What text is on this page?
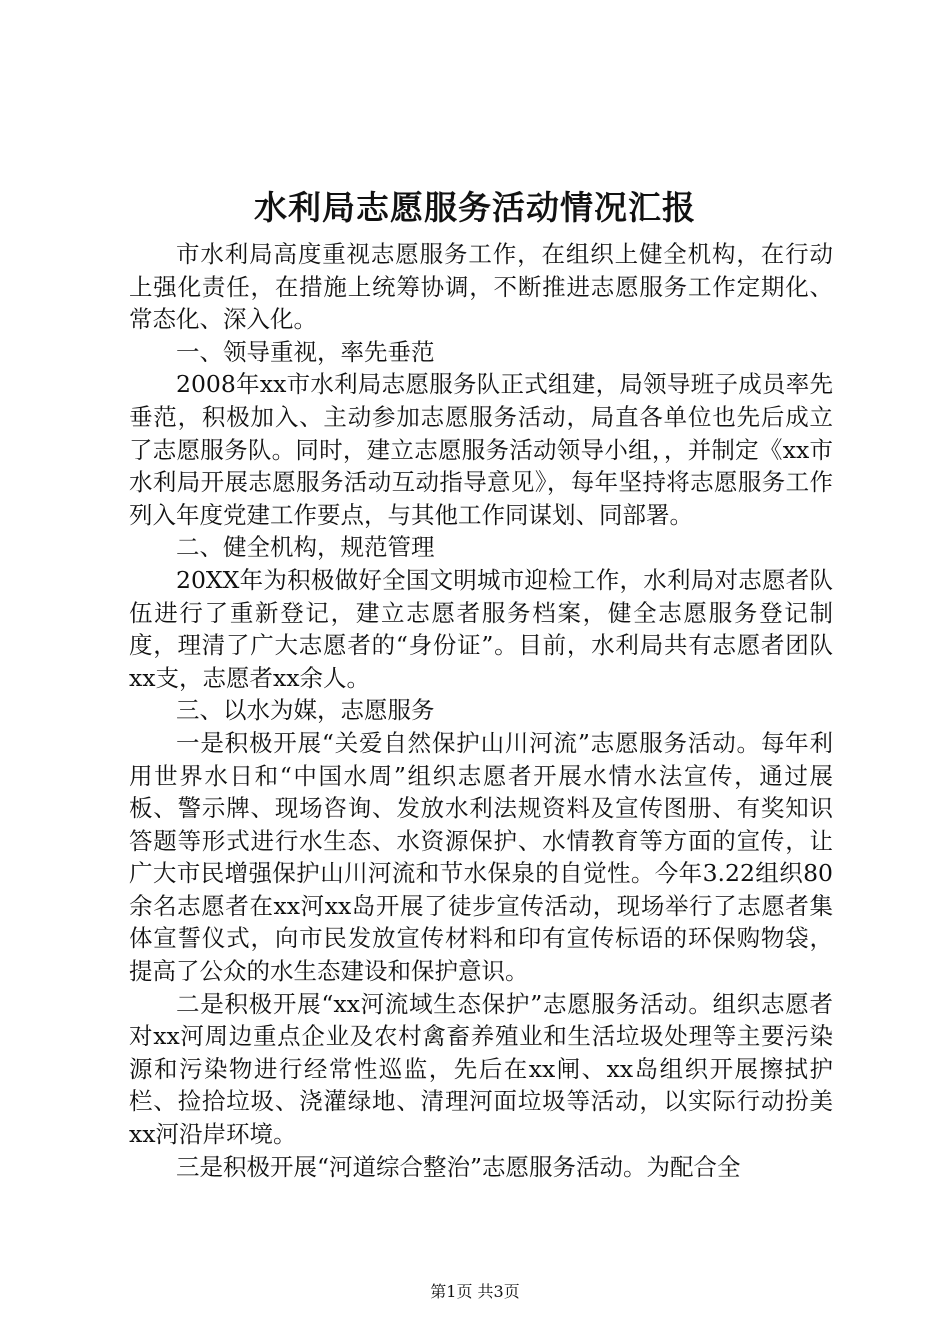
水利局志愿服务活动情况汇报

市水利局高度重视志愿服务工作，在组织上健全机构，在行动上强化责任，在措施上统筹协调，不断推进志愿服务工作定期化、常态化、深入化。

一、领导重视，率先垂范

2008年xx市水利局志愿服务队正式组建，局领导班子成员率先垂范，积极加入、主动参加志愿服务活动，局直各单位也先后成立了志愿服务队。同时，建立志愿服务活动领导小组，，并制定《xx市水利局开展志愿服务活动互动指导意见》，每年坚持将志愿服务工作列入年度党建工作要点，与其他工作同谋划、同部署。

二、健全机构，规范管理

20XX年为积极做好全国文明城市迎检工作，水利局对志愿者队伍进行了重新登记，建立志愿者服务档案，健全志愿服务登记制度，理清了广大志愿者的“身份证”。目前，水利局共有志愿者团队xx支，志愿者xx余人。

三、以水为媒，志愿服务

一是积极开展“关爱自然保护山川河流”志愿服务活动。每年利用世界水日和“中国水周”组织志愿者开展水情水法宣传，通过展板、警示牌、现场咨询、发放水利法规资料及宣传图册、有奖知识答题等形式进行水生态、水资源保护、水情教育等方面的宣传，让广大市民增强保护山川河流和节水保泉的自觉性。今年3.22组织80余名志愿者在xx河xx岛开展了徒步宣传活动，现场举行了志愿者集体宣誓仪式，向市民发放宣传材料和印有宣传标语的环保购物袋，提高了公众的水生态建设和保护意识。

二是积极开展“xx河流域生态保护”志愿服务活动。组织志愿者对xx河周边重点企业及农村禽畜养殖业和生活垃圾处理等主要污染源和污染物进行经常性巡监，先后在xx闸、xx岛组织开展擦拭护栏、捡拾垃圾、浇灌绿地、清理河面垃圾等活动，以实际行动扮美xx河沿岸环境。

三是积极开展“河道综合整治”志愿服务活动。为配合全

第1页 共3页
